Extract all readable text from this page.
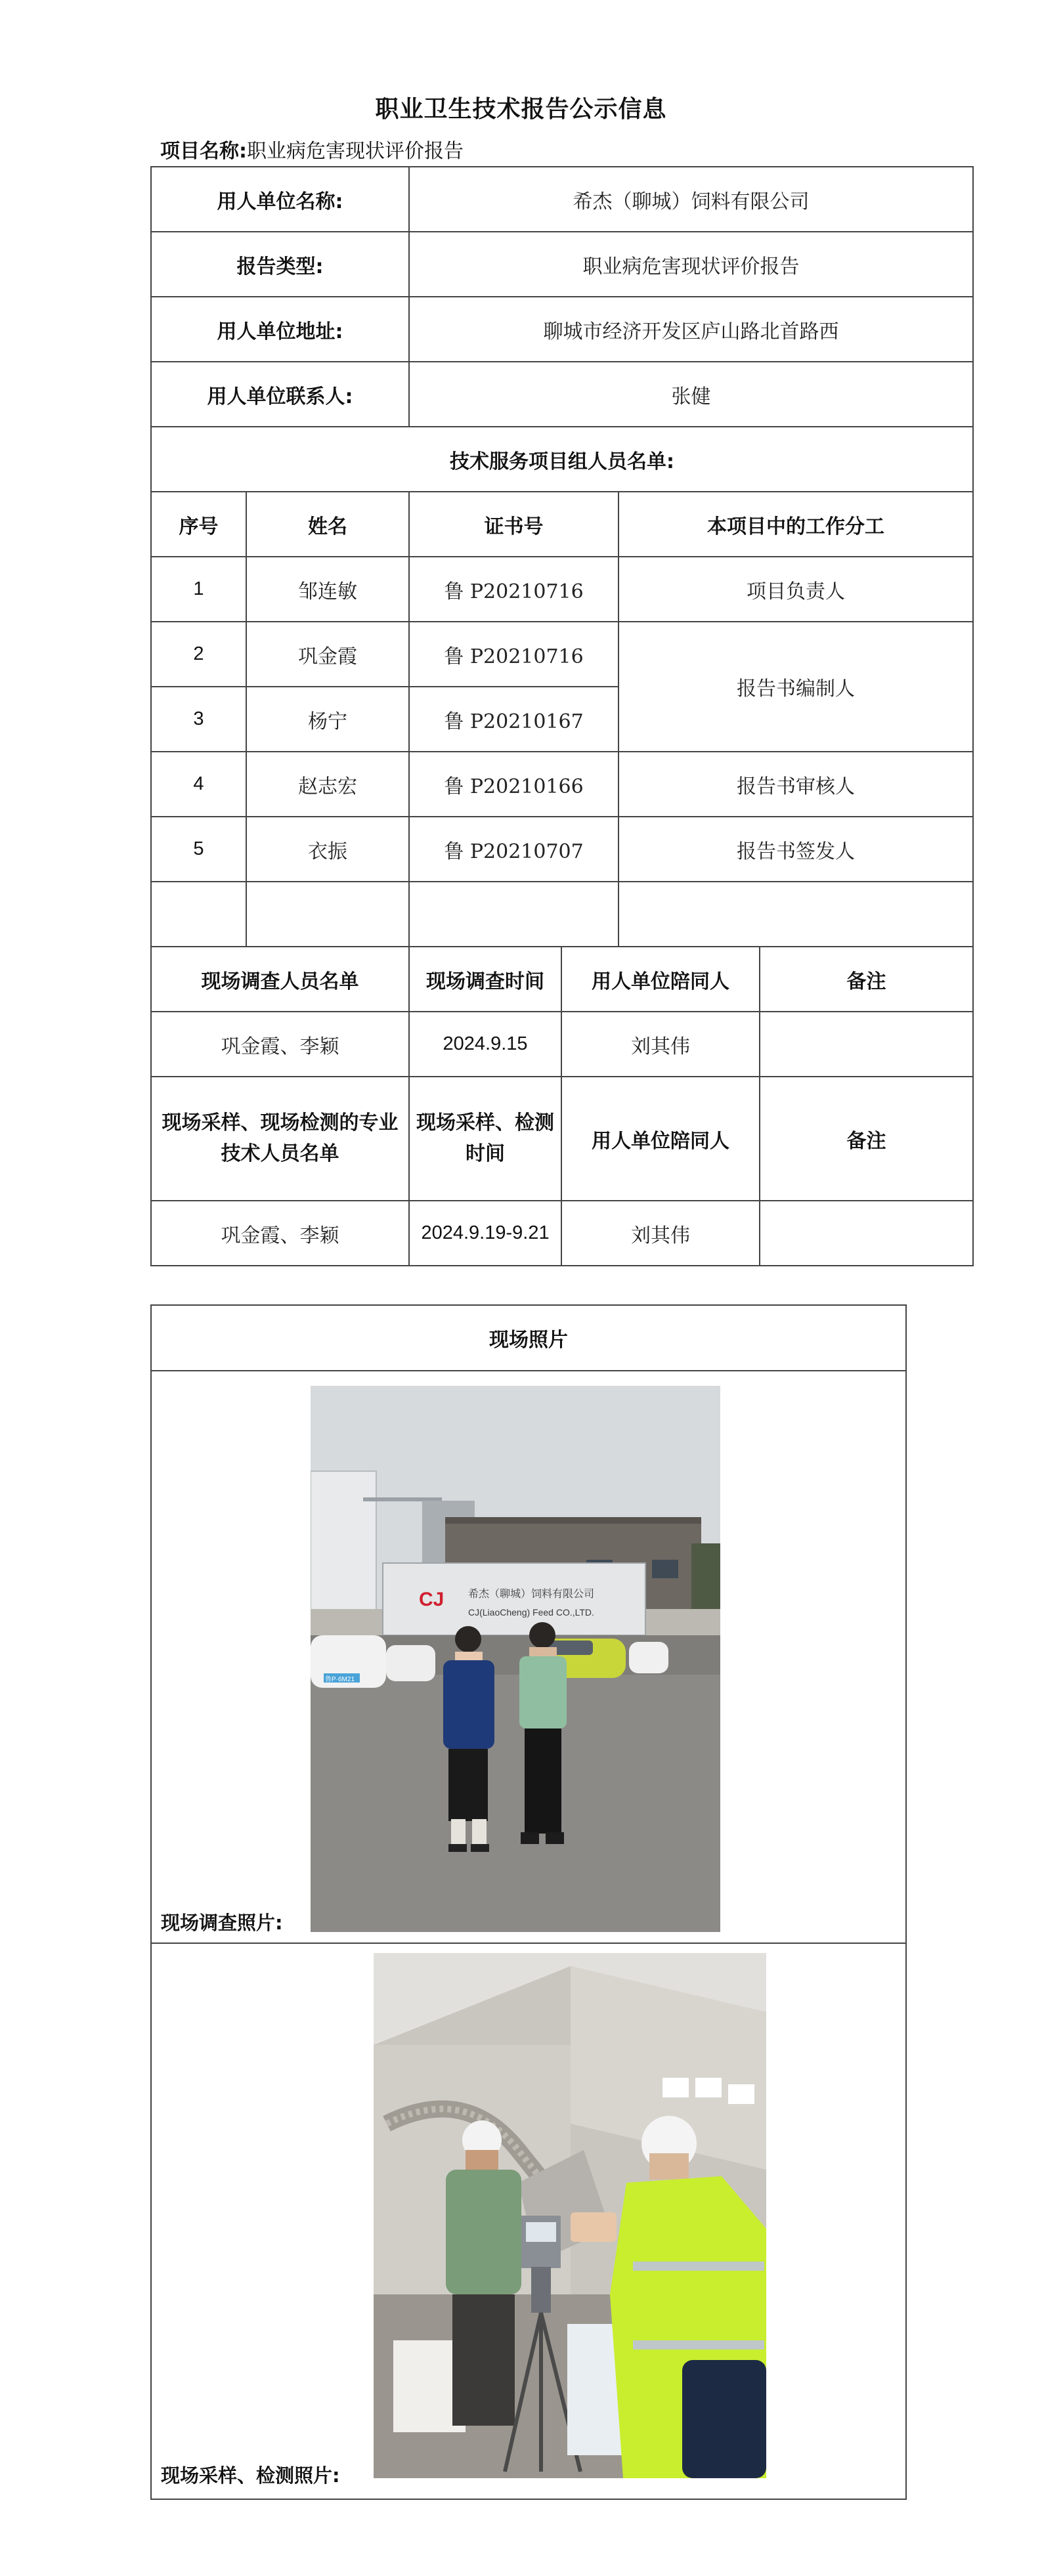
职业卫生技术报告公示信息
项目名称:职业病危害现状评价报告
用人单位名称:		希杰（聊城）饲料有限公司			
报告类型:		职业病危害现状评价报告			
用人单位地址:		聊城市经济开发区庐山路北首路西			
用人单位联系人:		张健			
技术服务项目组人员名单:					
序号	姓名	证书号		本项目中的工作分工	
1	邹连敏	鲁 P20210716		项目负责人	
2	巩金霞	鲁 P20210716		报告书编制人	
3	杨宁	鲁 P20210167			
4	赵志宏	鲁 P20210166		报告书审核人	
5	衣振	鲁 P20210707		报告书签发人	

现场调查人员名单		现场调查时间	用人单位陪同人		备注
巩金霞、李颖		2024.9.15	刘其伟		
现场采样、现场检测的专业技术人员名单		现场采样、检测时间	用人单位陪同人		备注
巩金霞、李颖		2024.9.19-9.21	刘其伟		
现场照片

CJ 希杰（聊城）饲料有限公司
CJ(LiaoCheng) Feed CO.,LTD.
鲁P·6M21
现场调查照片:

现场采样、检测照片:
